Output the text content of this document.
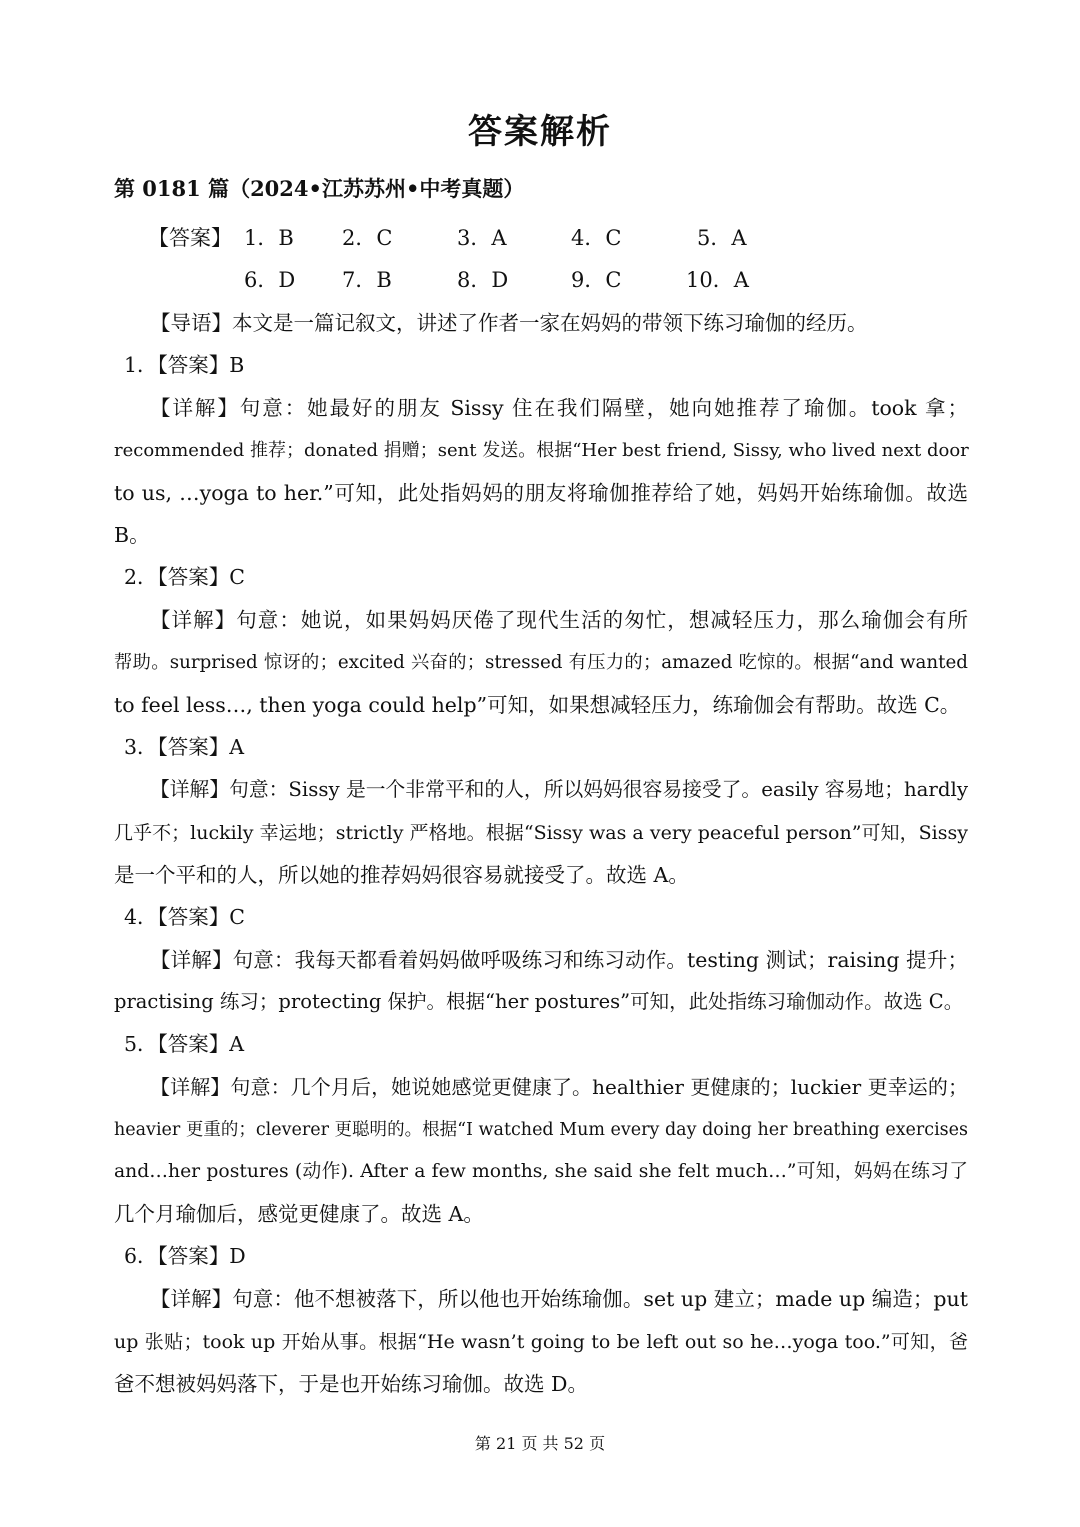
答案解析
第 0181 篇（2024•江苏苏州•中考真题）
【答案】 1．B 2．C	3．A	4．C	5．A
6．D 7．B	8．D	9．C	10．A
【导语】本文是一篇记叙文，讲述了作者一家在妈妈的带领下练习瑜伽的经历。
1．【答案】B
【详解】句意：她最好的朋友 Sissy 住在我们隔壁，她向她推荐了瑜伽。took 拿；
recommended 推荐；donated 捐赠；sent 发送。根据“Her best friend, Sissy, who lived next door
to us, …yoga to her.”可知，此处指妈妈的朋友将瑜伽推荐给了她，妈妈开始练瑜伽。故选
B。
2．【答案】C
【详解】句意：她说，如果妈妈厌倦了现代生活的匆忙，想减轻压力，那么瑜伽会有所
帮助。surprised 惊讶的；excited 兴奋的；stressed 有压力的；amazed 吃惊的。根据“and wanted
to feel less…, then yoga could help”可知，如果想减轻压力，练瑜伽会有帮助。故选 C。
3．【答案】A
【详解】句意：Sissy 是一个非常平和的人，所以妈妈很容易接受了。easily 容易地；hardly
几乎不；luckily 幸运地；strictly 严格地。根据“Sissy was a very peaceful person”可知，Sissy
是一个平和的人，所以她的推荐妈妈很容易就接受了。故选 A。
4．【答案】C
【详解】句意：我每天都看着妈妈做呼吸练习和练习动作。testing 测试；raising 提升；
practising 练习；protecting 保护。根据“her postures”可知，此处指练习瑜伽动作。故选 C。
5．【答案】A
【详解】句意：几个月后，她说她感觉更健康了。healthier 更健康的；luckier 更幸运的；
heavier 更重的；cleverer 更聪明的。根据“I watched Mum every day doing her breathing exercises
and…her postures (动作). After a few months, she said she felt much…”可知，妈妈在练习了
几个月瑜伽后，感觉更健康了。故选 A。
6．【答案】D
【详解】句意：他不想被落下，所以他也开始练瑜伽。set up 建立；made up 编造；put
up 张贴；took up 开始从事。根据“He wasn’t going to be left out so he…yoga too.”可知，爸
爸不想被妈妈落下，于是也开始练习瑜伽。故选 D。
第 21 页 共 52 页
